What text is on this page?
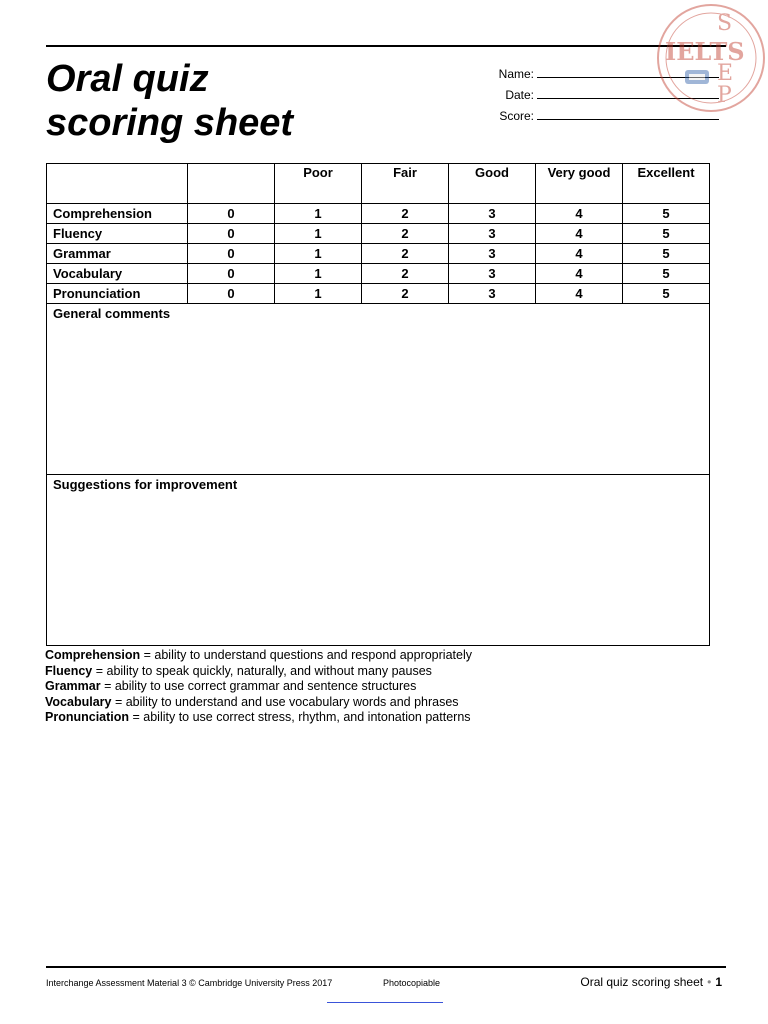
Oral quiz
scoring sheet
Name:
Date:
Score:
		Poor	Fair	Good	Very good	Excellent
Comprehension	0	1	2	3	4	5
Fluency	0	1	2	3	4	5
Grammar	0	1	2	3	4	5
Vocabulary	0	1	2	3	4	5
Pronunciation	0	1	2	3	4	5
General comments						
Suggestions for improvement						
Comprehension = ability to understand questions and respond appropriately
Fluency = ability to speak quickly, naturally, and without many pauses
Grammar = ability to use correct grammar and sentence structures
Vocabulary = ability to understand and use vocabulary words and phrases
Pronunciation = ability to use correct stress, rhythm, and intonation patterns
Interchange Assessment Material 3 © Cambridge University Press 2017	Photocopiable	Oral quiz scoring sheet • 1
IELTS
S
E
P
